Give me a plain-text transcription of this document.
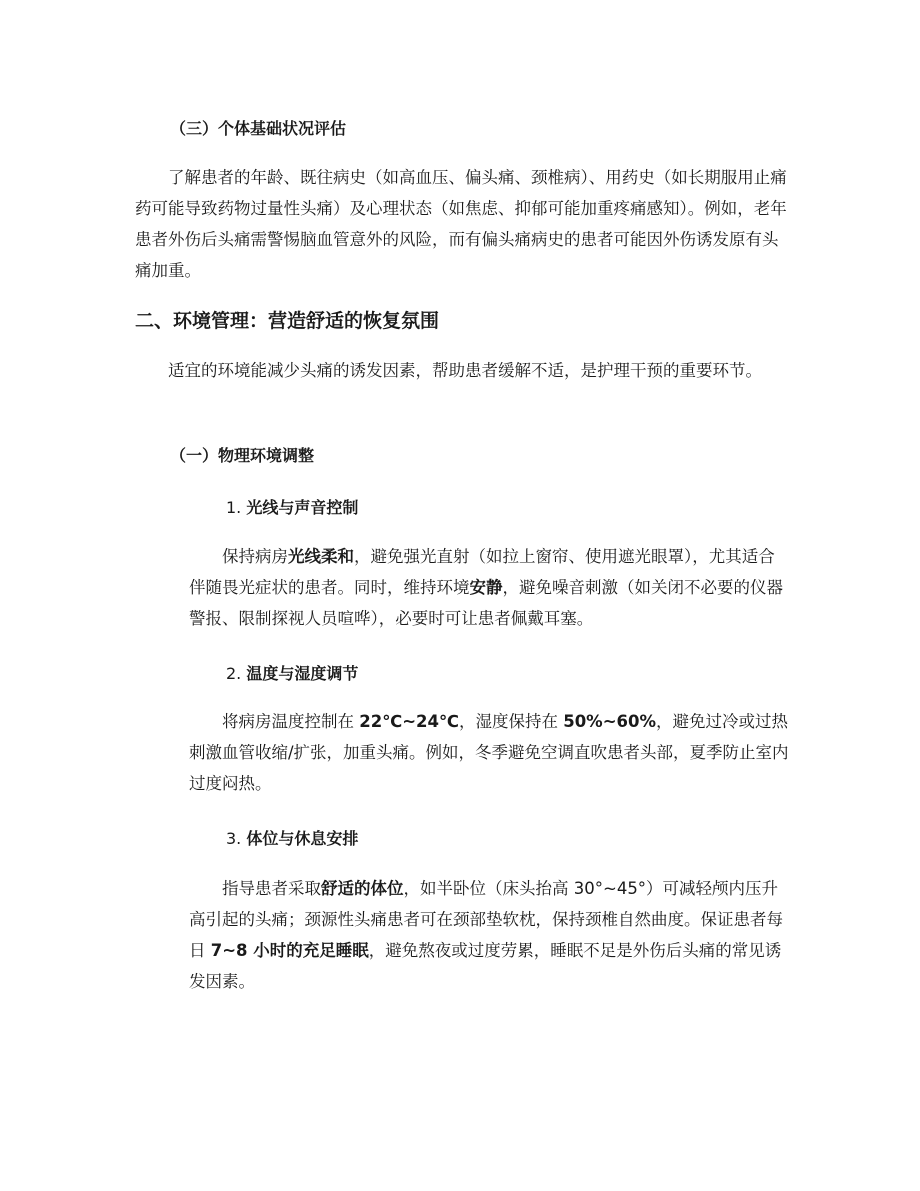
（三）个体基础状况评估

了解患者的年龄、既往病史（如高血压、偏头痛、颈椎病）、用药史（如长期服用止痛药可能导致药物过量性头痛）及心理状态（如焦虑、抑郁可能加重疼痛感知）。例如，老年患者外伤后头痛需警惕脑血管意外的风险，而有偏头痛病史的患者可能因外伤诱发原有头痛加重。

二、环境管理：营造舒适的恢复氛围

适宜的环境能减少头痛的诱发因素，帮助患者缓解不适，是护理干预的重要环节。

（一）物理环境调整
1. 光线与声音控制

保持病房光线柔和，避免强光直射（如拉上窗帘、使用遮光眼罩），尤其适合伴随畏光症状的患者。同时，维持环境安静，避免噪音刺激（如关闭不必要的仪器警报、限制探视人员喧哗），必要时可让患者佩戴耳塞。

2. 温度与湿度调节

将病房温度控制在 22℃~24℃，湿度保持在 50%~60%，避免过冷或过热刺激血管收缩/扩张，加重头痛。例如，冬季避免空调直吹患者头部，夏季防止室内过度闷热。

3. 体位与休息安排

指导患者采取舒适的体位，如半卧位（床头抬高 30°~45°）可减轻颅内压升高引起的头痛；颈源性头痛患者可在颈部垫软枕，保持颈椎自然曲度。保证患者每日 7~8 小时的充足睡眠，避免熬夜或过度劳累，睡眠不足是外伤后头痛的常见诱发因素。
